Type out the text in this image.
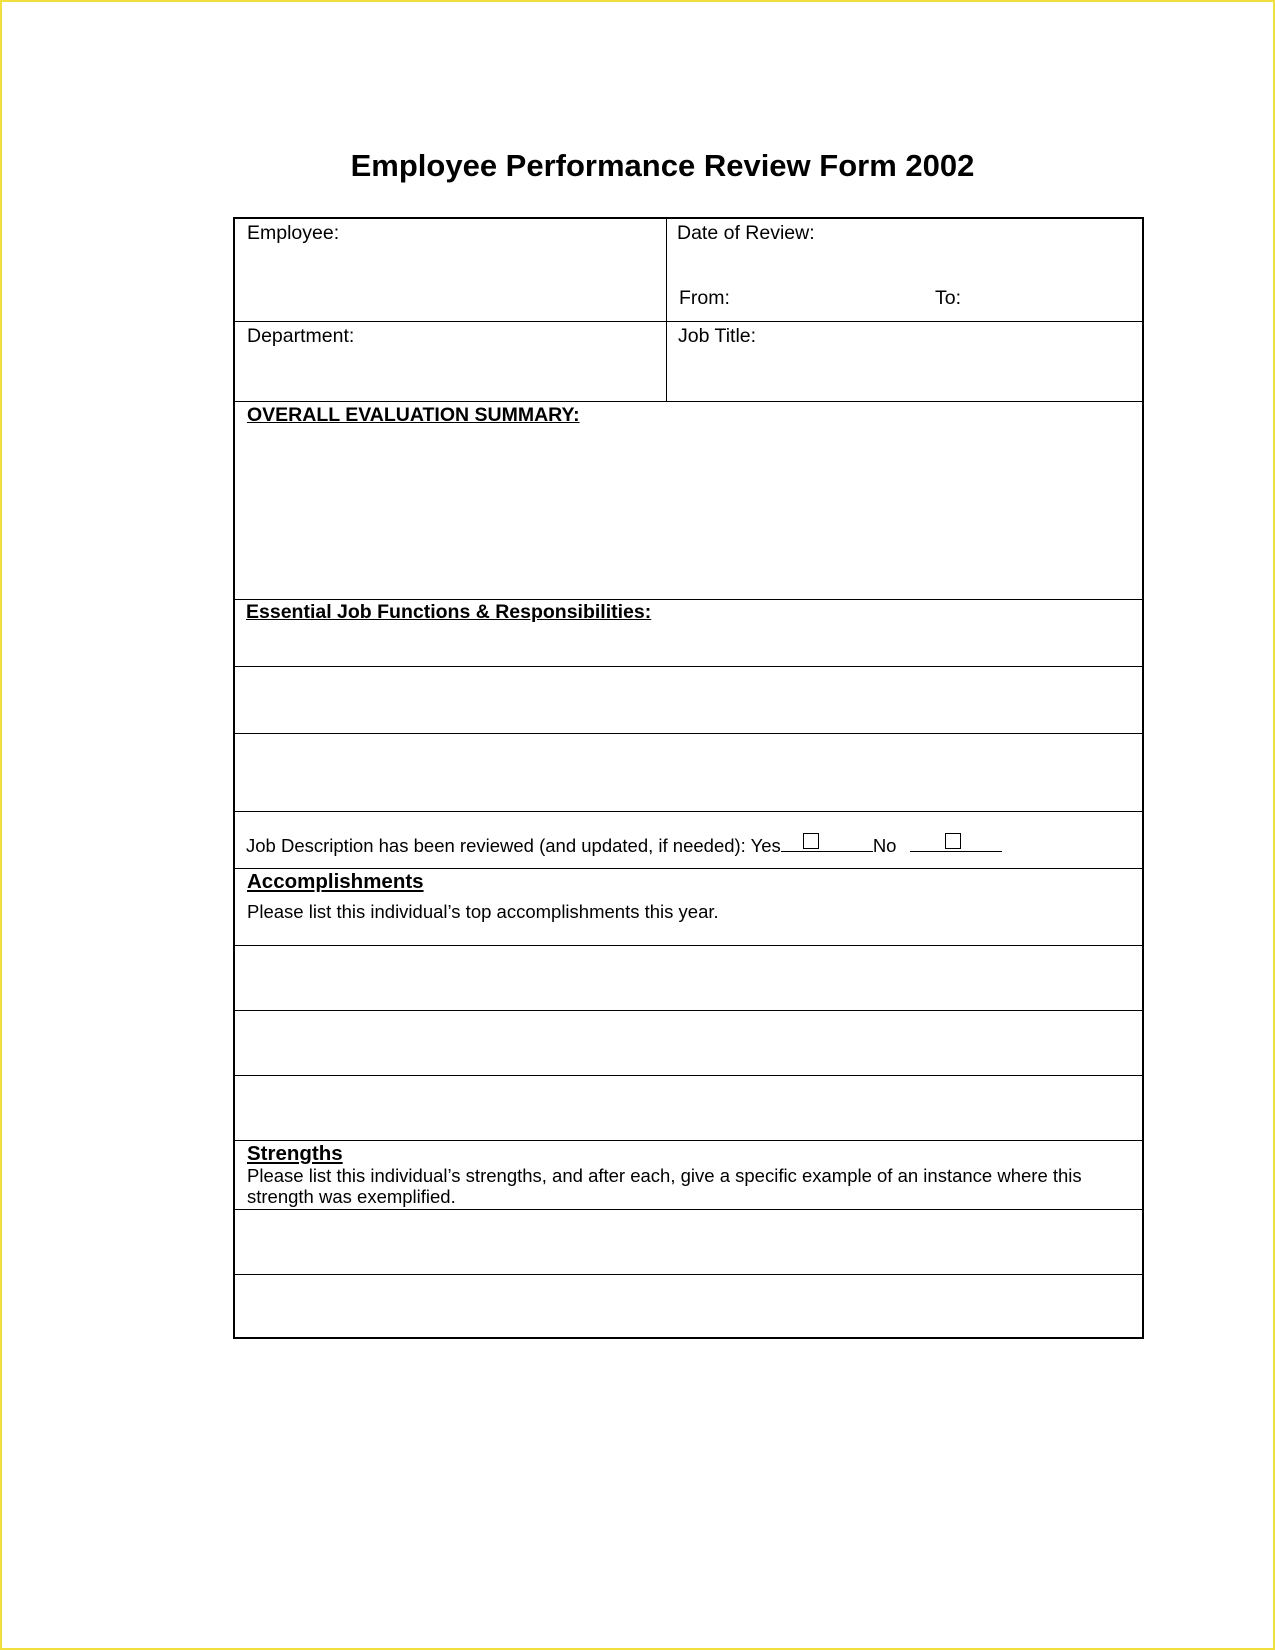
Employee Performance Review Form 2002
Employee:	Date of Review:
From:	To:
Department:	Job Title:
OVERALL EVALUATION SUMMARY:
Essential Job Functions & Responsibilities:
Job Description has been reviewed (and updated, if needed): Yes	No
Accomplishments
Please list this individual’s top accomplishments this year.
Strengths
Please list this individual’s strengths, and after each, give a specific example of an instance where this strength was exemplified.
